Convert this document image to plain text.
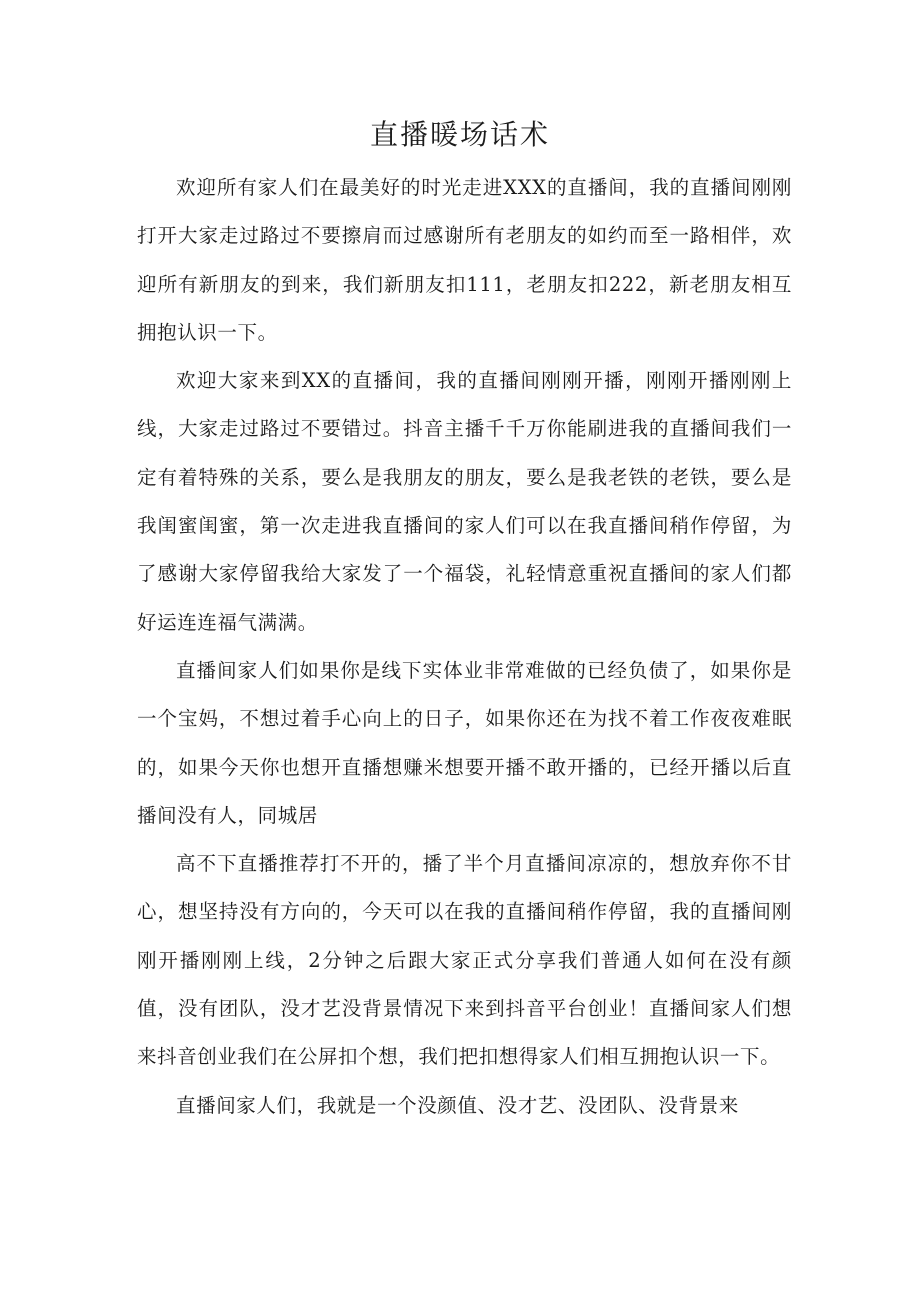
直播暖场话术

欢迎所有家人们在最美好的时光走进XXX的直播间，我的直播间刚刚打开大家走过路过不要擦肩而过感谢所有老朋友的如约而至一路相伴，欢迎所有新朋友的到来，我们新朋友扣111，老朋友扣222，新老朋友相互拥抱认识一下。

欢迎大家来到XX的直播间，我的直播间刚刚开播，刚刚开播刚刚上线，大家走过路过不要错过。抖音主播千千万你能刷进我的直播间我们一定有着特殊的关系，要么是我朋友的朋友，要么是我老铁的老铁，要么是我闺蜜闺蜜，第一次走进我直播间的家人们可以在我直播间稍作停留，为了感谢大家停留我给大家发了一个福袋，礼轻情意重祝直播间的家人们都好运连连福气满满。

直播间家人们如果你是线下实体业非常难做的已经负债了，如果你是一个宝妈，不想过着手心向上的日子，如果你还在为找不着工作夜夜难眠的，如果今天你也想开直播想赚米想要开播不敢开播的，已经开播以后直播间没有人，同城居

高不下直播推荐打不开的，播了半个月直播间凉凉的，想放弃你不甘心，想坚持没有方向的，今天可以在我的直播间稍作停留，我的直播间刚刚开播刚刚上线，2分钟之后跟大家正式分享我们普通人如何在没有颜值，没有团队，没才艺没背景情况下来到抖音平台创业！直播间家人们想来抖音创业我们在公屏扣个想，我们把扣想得家人们相互拥抱认识一下。

直播间家人们，我就是一个没颜值、没才艺、没团队、没背景来
